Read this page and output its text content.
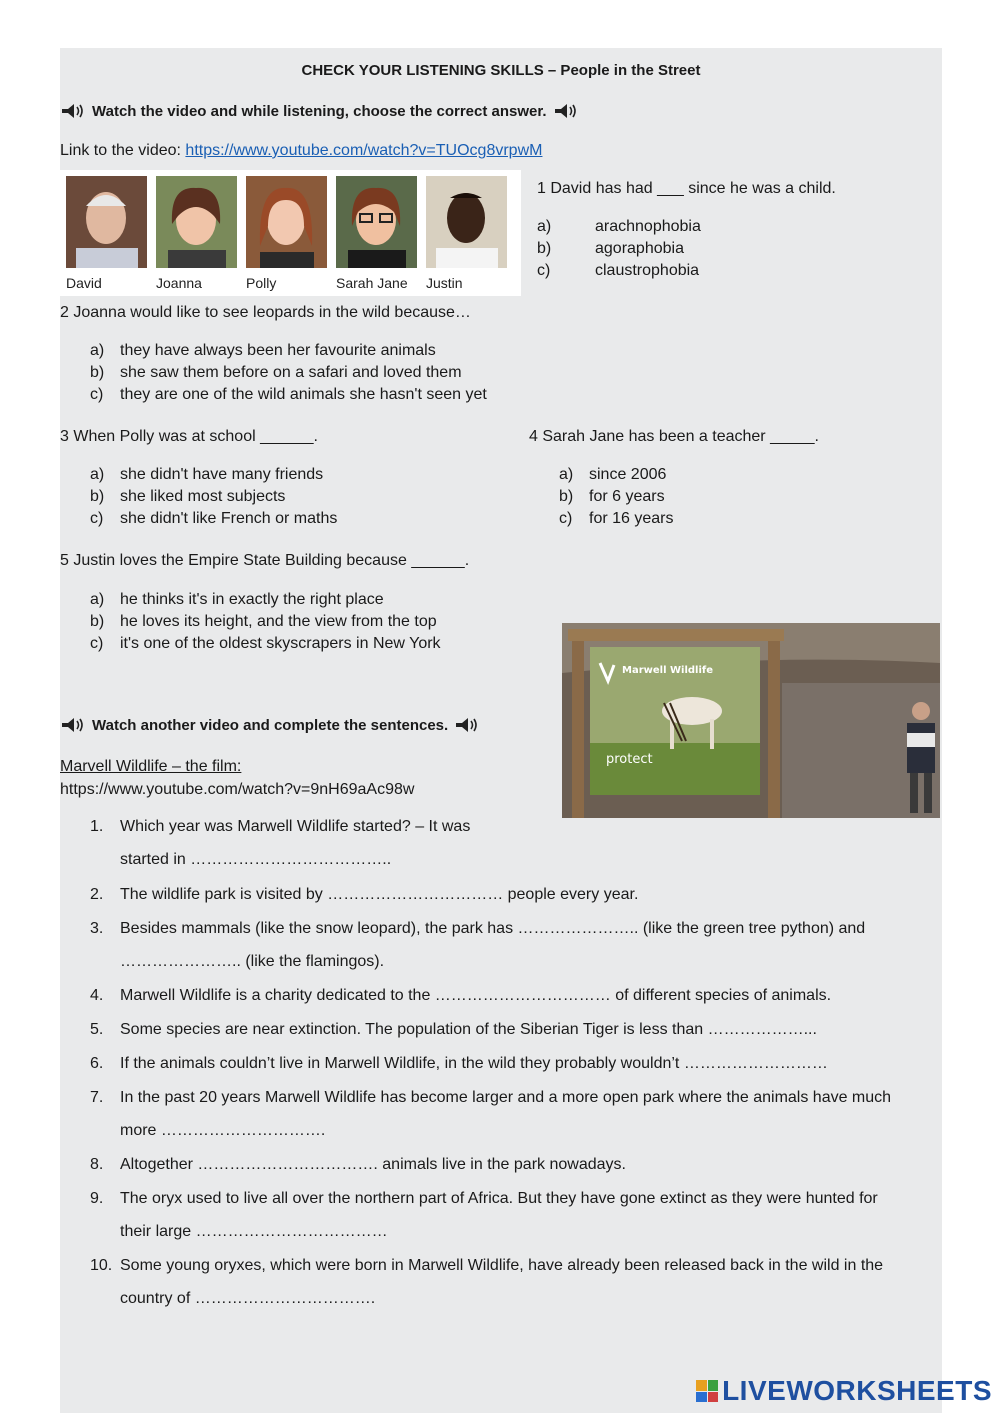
CHECK YOUR LISTENING SKILLS – People in the Street
Watch the video and while listening, choose the correct answer.
Link to the video: https://www.youtube.com/watch?v=TUOcg8vrpwM
David	Joanna	Polly	Sarah Jane Justin
1 David has had ___ since he was a child.
a)	arachnophobia
b)	agoraphobia
c)	claustrophobia
2 Joanna would like to see leopards in the wild because…
a) they have always been her favourite animals
b) she saw them before on a safari and loved them
c)	they are one of the wild animals she hasn't seen yet
3 When Polly was at school ______.
a) she didn't have many friends
b) she liked most subjects
c)	she didn't like French or maths
4 Sarah Jane has been a teacher _____.
a) since 2006
b) for 6 years
c)	for 16 years
5 Justin loves the Empire State Building because ______.
a) he thinks it's in exactly the right place
b) he loves its height, and the view from the top
c)	it's one of the oldest skyscrapers in New York
Marwell Wildlife
protect
Watch another video and complete the sentences.
Marvell Wildlife – the film:
https://www.youtube.com/watch?v=9nH69aAc98w
1.	Which year was Marwell Wildlife started? – It was
started in ………………………………..
2.	The wildlife park is visited by …………………………… people every year.
3.	Besides mammals (like the snow leopard), the park has ………………….. (like the green tree python) and
………………….. (like the flamingos).
4.	Marwell Wildlife is a charity dedicated to the …………………………… of different species of animals.
5.	Some species are near extinction. The population of the Siberian Tiger is less than ………………...
6.	If the animals couldn’t live in Marwell Wildlife, in the wild they probably wouldn’t ………………………
7.	In the past 20 years Marwell Wildlife has become larger and a more open park where the animals have much
more ………………………….
8.	Altogether ……………………………. animals live in the park nowadays.
9.	The oryx used to live all over the northern part of Africa. But they have gone extinct as they were hunted for
their large ………………………………
10. Some young oryxes, which were born in Marwell Wildlife, have already been released back in the wild in the
country of …………………………….
LIVEWORKSHEETS
